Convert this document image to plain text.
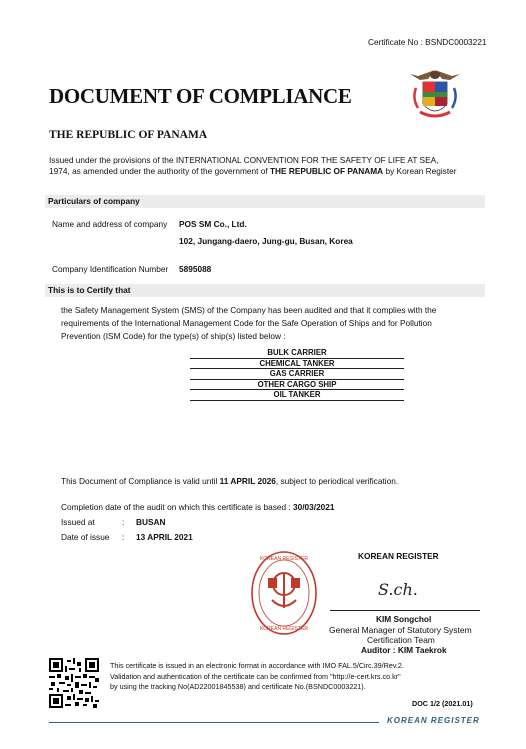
Certificate No : BSNDC0003221
DOCUMENT OF COMPLIANCE
THE REPUBLIC OF PANAMA
Issued under the provisions of the INTERNATIONAL CONVENTION FOR THE SAFETY OF LIFE AT SEA,
1974, as amended under the authority of the government of THE REPUBLIC OF PANAMA by Korean Register
Particulars of company
Name and address of company POS SM Co., Ltd.
102, Jungang-daero, Jung-gu, Busan, Korea
Company Identification Number 5895088
This is to Certify that
the Safety Management System (SMS) of the Company has been audited and that it complies with the
requirements of the International Management Code for the Safe Operation of Ships and for Pollution
Prevention (ISM Code) for the type(s) of ship(s) listed below :
BULK CARRIER
CHEMICAL TANKER
GAS CARRIER
OTHER CARGO SHIP
OIL TANKER
This Document of Compliance is valid until 11 APRIL 2026, subject to periodical verification.
Completion date of the audit on which this certificate is based : 30/03/2021
Issued at	: BUSAN
Date of issue : 13 APRIL 2021
K R
KOREAN REGISTER
KOREAN REGISTER
KOREAN REGISTER
S.ch.
KIM Songchol
General Manager of Statutory System
Certification Team
Auditor : KIM Taekrok
This certificate is issued in an electronic format in accordance with IMO FAL.5/Circ.39/Rev.2.
Validation and authentication of the certificate can be confirmed from "http://e-cert.krs.co.kr"
by using the tracking No(AD22001845538) and certificate No.(BSNDC0003221).
DOC 1/2 (2021.01)
KOREAN REGISTER
